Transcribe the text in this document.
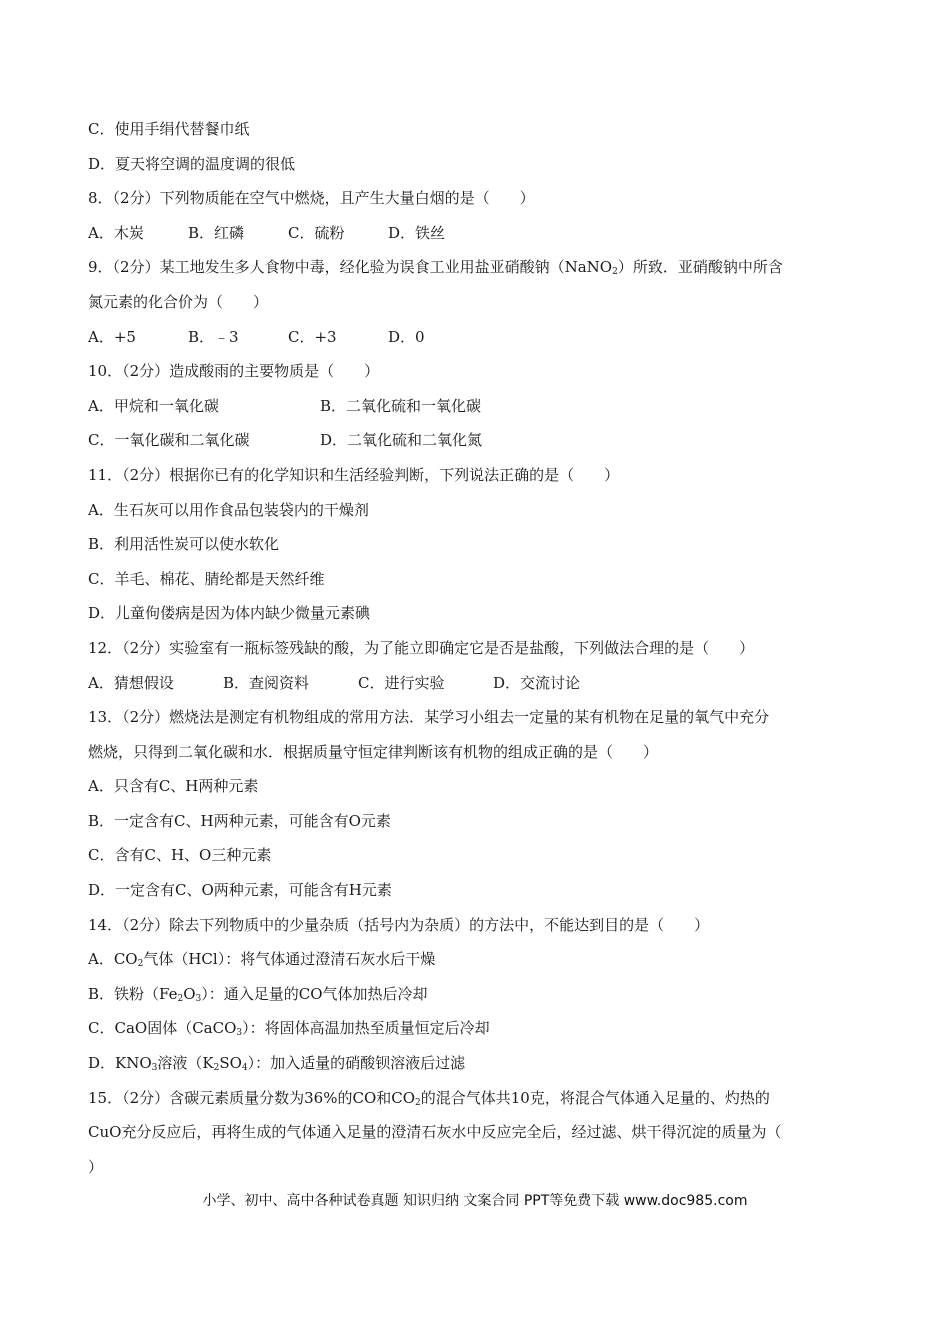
C．使用手绢代替餐巾纸
D．夏天将空调的温度调的很低
8．（2分）下列物质能在空气中燃烧，且产生大量白烟的是（　　）
A．木炭	B．红磷	C．硫粉	D．铁丝
9．（2分）某工地发生多人食物中毒，经化验为误食工业用盐亚硝酸钠（NaNO$_2$）所致．亚硝酸钠中所含
氮元素的化合价为（　　）
A．+5	B．﹣3	C．+3	D．0
10．（2分）造成酸雨的主要物质是（　　）
A．甲烷和一氧化碳	B．二氧化硫和一氧化碳
C．一氧化碳和二氧化碳	D．二氧化硫和二氧化氮
11．（2分）根据你已有的化学知识和生活经验判断，下列说法正确的是（　　）
A．生石灰可以用作食品包装袋内的干燥剂
B．利用活性炭可以使水软化
C．羊毛、棉花、腈纶都是天然纤维
D．儿童佝偻病是因为体内缺少微量元素碘
12．（2分）实验室有一瓶标签残缺的酸，为了能立即确定它是否是盐酸，下列做法合理的是（　　）
A．猜想假设	B．查阅资料	C．进行实验	D．交流讨论
13．（2分）燃烧法是测定有机物组成的常用方法．某学习小组去一定量的某有机物在足量的氧气中充分
燃烧，只得到二氧化碳和水．根据质量守恒定律判断该有机物的组成正确的是（　　）
A．只含有C、H两种元素
B．一定含有C、H两种元素，可能含有O元素
C．含有C、H、O三种元素
D．一定含有C、O两种元素，可能含有H元素
14．（2分）除去下列物质中的少量杂质（括号内为杂质）的方法中，不能达到目的是（　　）
A．$CO_2$气体（HCl）：将气体通过澄清石灰水后干燥
B．铁粉$(Fe_2O_3)$：通入足量的CO气体加热后冷却
C．CaO固体（CaCO$_3$）：将固体高温加热至质量恒定后冷却
D．$KNO_3$溶液$(K_2SO_4)$：加入适量的硝酸钡溶液后过滤
15．（2分）含碳元素质量分数为36%的CO和$CO_2$的混合气体共10克，将混合气体通入足量的、灼热的
CuO充分反应后，再将生成的气体通入足量的澄清石灰水中反应完全后，经过滤、烘干得沉淀的质量为（
）
小学、初中、高中各种试卷真题 知识归纳 文案合同 PPT等免费下载 www.doc985.com
